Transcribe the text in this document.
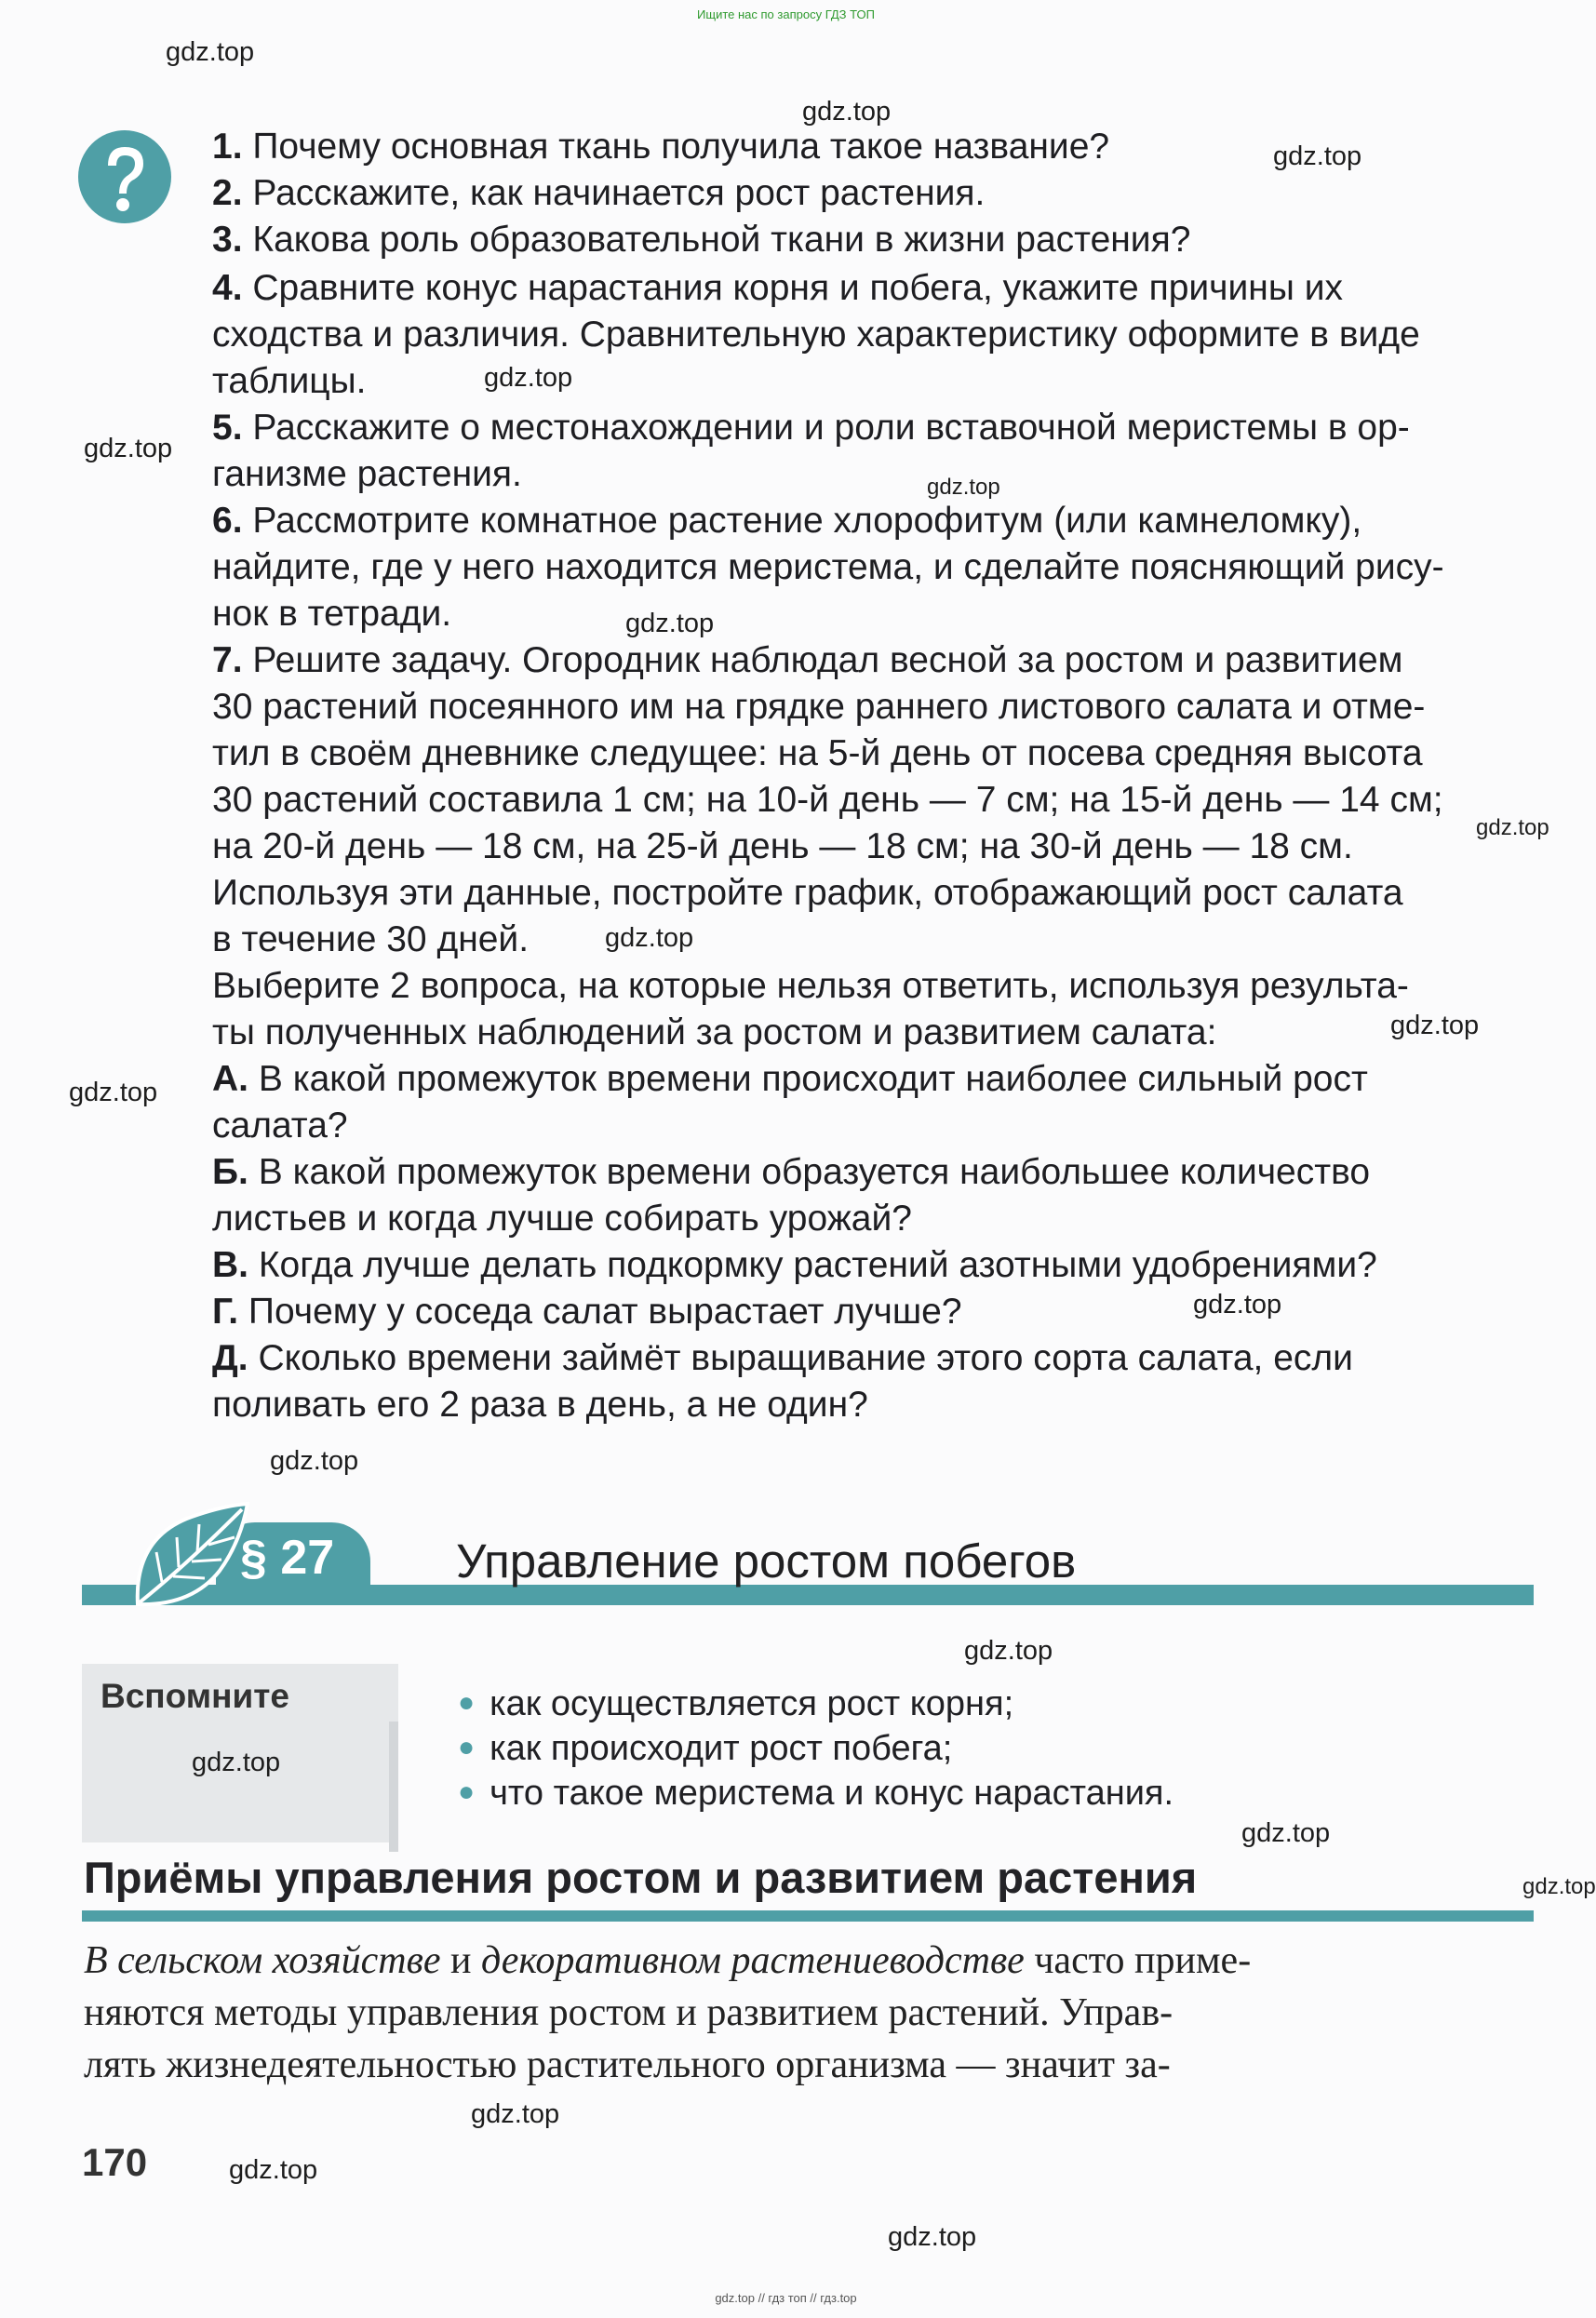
Ищите нас по запросу ГДЗ ТОП
1. Почему основная ткань получила такое название?
2. Расскажите, как начинается рост растения.
3. Какова роль образовательной ткани в жизни растения?
4. Сравните конус нарастания корня и побега, укажите причины их
сходства и различия. Сравнительную характеристику оформите в виде
таблицы.
5. Расскажите о местонахождении и роли вставочной меристемы в ор-
ганизме растения.
6. Рассмотрите комнатное растение хлорофитум (или камнеломку),
найдите, где у него находится меристема, и сделайте поясняющий рису-
нок в тетради.
7. Решите задачу. Огородник наблюдал весной за ростом и развитием
30 растений посеянного им на грядке раннего листового салата и отме-
тил в своём дневнике следущее: на 5-й день от посева средняя высота
30 растений составила 1 см; на 10-й день — 7 см; на 15-й день — 14 см;
на 20-й день — 18 см, на 25-й день — 18 см; на 30-й день — 18 см.
Используя эти данные, постройте график, отображающий рост салата
в течение 30 дней.
Выберите 2 вопроса, на которые нельзя ответить, используя результа-
ты полученных наблюдений за ростом и развитием салата:
А. В какой промежуток времени происходит наиболее сильный рост
салата?
Б. В какой промежуток времени образуется наибольшее количество
листьев и когда лучше собирать урожай?
В. Когда лучше делать подкормку растений азотными удобрениями?
Г. Почему у соседа салат вырастает лучше?
Д. Сколько времени займёт выращивание этого сорта салата, если
поливать его 2 раза в день, а не один?
§ 27	Управление ростом побегов
Вспомните	● как осуществляется рост корня;
● как происходит рост побега;
● что такое меристема и конус нарастания.
Приёмы управления ростом и развитием растения
В сельском хозяйстве и декоративном растениеводстве часто приме-
няются методы управления ростом и развитием растений. Управ-
лять жизнедеятельностью растительного организма — значит за-
170
gdz.top
gdz.top
gdz.top
gdz.top
gdz.top
gdz.top
gdz.top
gdz.top
gdz.top
gdz.top
gdz.top
gdz.top
gdz.top
gdz.top
gdz.top
gdz.top
gdz.top
gdz.top
gdz.top
gdz.top
gdz.top // гдз топ // гдз.top
